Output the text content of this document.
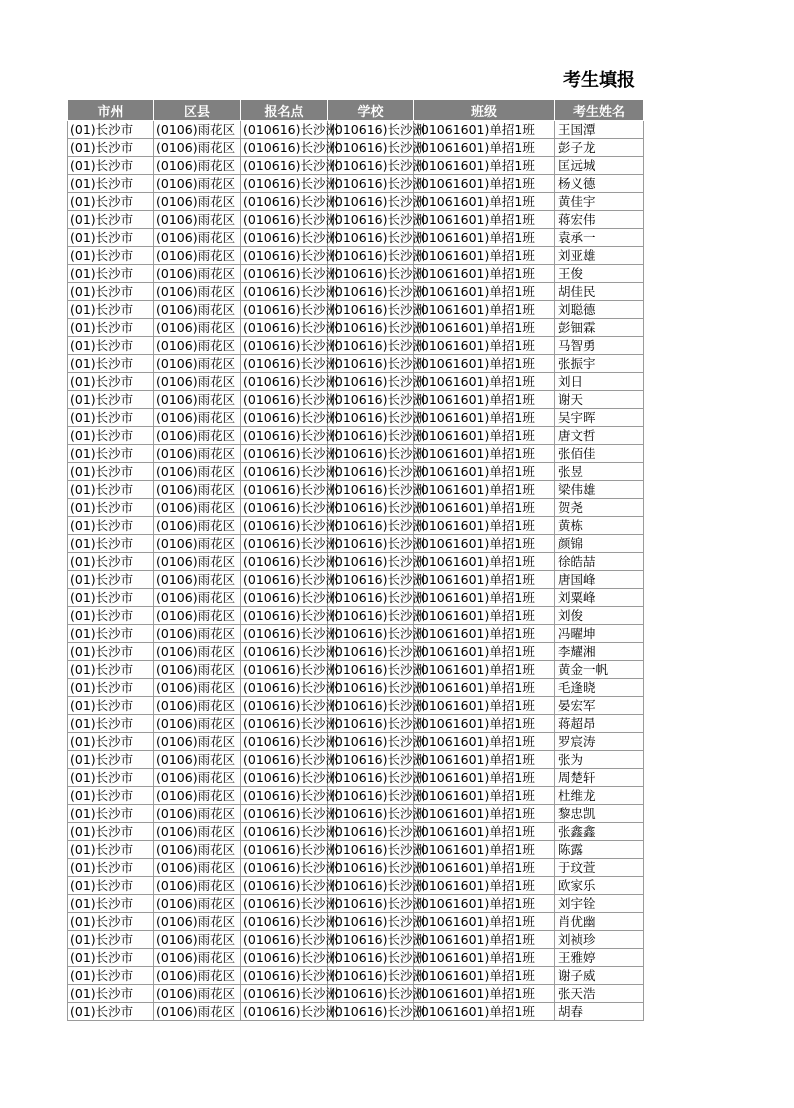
考生填报
市州	区县	报名点	学校	班级	考生姓名
(01)长沙市	(0106)雨花区	(010616)长沙洲	(010616)长沙洲	(01061601)单招1班	王国潭
(01)长沙市	(0106)雨花区	(010616)长沙洲	(010616)长沙洲	(01061601)单招1班	彭子龙
(01)长沙市	(0106)雨花区	(010616)长沙洲	(010616)长沙洲	(01061601)单招1班	匡远城
(01)长沙市	(0106)雨花区	(010616)长沙洲	(010616)长沙洲	(01061601)单招1班	杨义德
(01)长沙市	(0106)雨花区	(010616)长沙洲	(010616)长沙洲	(01061601)单招1班	黄佳宇
(01)长沙市	(0106)雨花区	(010616)长沙洲	(010616)长沙洲	(01061601)单招1班	蒋宏伟
(01)长沙市	(0106)雨花区	(010616)长沙洲	(010616)长沙洲	(01061601)单招1班	袁承一
(01)长沙市	(0106)雨花区	(010616)长沙洲	(010616)长沙洲	(01061601)单招1班	刘亚雄
(01)长沙市	(0106)雨花区	(010616)长沙洲	(010616)长沙洲	(01061601)单招1班	王俊
(01)长沙市	(0106)雨花区	(010616)长沙洲	(010616)长沙洲	(01061601)单招1班	胡佳民
(01)长沙市	(0106)雨花区	(010616)长沙洲	(010616)长沙洲	(01061601)单招1班	刘聪德
(01)长沙市	(0106)雨花区	(010616)长沙洲	(010616)长沙洲	(01061601)单招1班	彭钿霖
(01)长沙市	(0106)雨花区	(010616)长沙洲	(010616)长沙洲	(01061601)单招1班	马智勇
(01)长沙市	(0106)雨花区	(010616)长沙洲	(010616)长沙洲	(01061601)单招1班	张振宇
(01)长沙市	(0106)雨花区	(010616)长沙洲	(010616)长沙洲	(01061601)单招1班	刘日
(01)长沙市	(0106)雨花区	(010616)长沙洲	(010616)长沙洲	(01061601)单招1班	谢天
(01)长沙市	(0106)雨花区	(010616)长沙洲	(010616)长沙洲	(01061601)单招1班	吴宇晖
(01)长沙市	(0106)雨花区	(010616)长沙洲	(010616)长沙洲	(01061601)单招1班	唐文哲
(01)长沙市	(0106)雨花区	(010616)长沙洲	(010616)长沙洲	(01061601)单招1班	张佰佳
(01)长沙市	(0106)雨花区	(010616)长沙洲	(010616)长沙洲	(01061601)单招1班	张昱
(01)长沙市	(0106)雨花区	(010616)长沙洲	(010616)长沙洲	(01061601)单招1班	梁伟雄
(01)长沙市	(0106)雨花区	(010616)长沙洲	(010616)长沙洲	(01061601)单招1班	贺尧
(01)长沙市	(0106)雨花区	(010616)长沙洲	(010616)长沙洲	(01061601)单招1班	黄栋
(01)长沙市	(0106)雨花区	(010616)长沙洲	(010616)长沙洲	(01061601)单招1班	颜锦
(01)长沙市	(0106)雨花区	(010616)长沙洲	(010616)长沙洲	(01061601)单招1班	徐皓喆
(01)长沙市	(0106)雨花区	(010616)长沙洲	(010616)长沙洲	(01061601)单招1班	唐国峰
(01)长沙市	(0106)雨花区	(010616)长沙洲	(010616)长沙洲	(01061601)单招1班	刘粟峰
(01)长沙市	(0106)雨花区	(010616)长沙洲	(010616)长沙洲	(01061601)单招1班	刘俊
(01)长沙市	(0106)雨花区	(010616)长沙洲	(010616)长沙洲	(01061601)单招1班	冯曜坤
(01)长沙市	(0106)雨花区	(010616)长沙洲	(010616)长沙洲	(01061601)单招1班	李耀湘
(01)长沙市	(0106)雨花区	(010616)长沙洲	(010616)长沙洲	(01061601)单招1班	黄金一帆
(01)长沙市	(0106)雨花区	(010616)长沙洲	(010616)长沙洲	(01061601)单招1班	毛逢晓
(01)长沙市	(0106)雨花区	(010616)长沙洲	(010616)长沙洲	(01061601)单招1班	晏宏军
(01)长沙市	(0106)雨花区	(010616)长沙洲	(010616)长沙洲	(01061601)单招1班	蒋超昂
(01)长沙市	(0106)雨花区	(010616)长沙洲	(010616)长沙洲	(01061601)单招1班	罗宸涛
(01)长沙市	(0106)雨花区	(010616)长沙洲	(010616)长沙洲	(01061601)单招1班	张为
(01)长沙市	(0106)雨花区	(010616)长沙洲	(010616)长沙洲	(01061601)单招1班	周楚轩
(01)长沙市	(0106)雨花区	(010616)长沙洲	(010616)长沙洲	(01061601)单招1班	杜维龙
(01)长沙市	(0106)雨花区	(010616)长沙洲	(010616)长沙洲	(01061601)单招1班	黎忠凯
(01)长沙市	(0106)雨花区	(010616)长沙洲	(010616)长沙洲	(01061601)单招1班	张鑫鑫
(01)长沙市	(0106)雨花区	(010616)长沙洲	(010616)长沙洲	(01061601)单招1班	陈露
(01)长沙市	(0106)雨花区	(010616)长沙洲	(010616)长沙洲	(01061601)单招1班	于玟萱
(01)长沙市	(0106)雨花区	(010616)长沙洲	(010616)长沙洲	(01061601)单招1班	欧家乐
(01)长沙市	(0106)雨花区	(010616)长沙洲	(010616)长沙洲	(01061601)单招1班	刘宇铨
(01)长沙市	(0106)雨花区	(010616)长沙洲	(010616)长沙洲	(01061601)单招1班	肖优幽
(01)长沙市	(0106)雨花区	(010616)长沙洲	(010616)长沙洲	(01061601)单招1班	刘祯珍
(01)长沙市	(0106)雨花区	(010616)长沙洲	(010616)长沙洲	(01061601)单招1班	王雅婷
(01)长沙市	(0106)雨花区	(010616)长沙洲	(010616)长沙洲	(01061601)单招1班	谢子威
(01)长沙市	(0106)雨花区	(010616)长沙洲	(010616)长沙洲	(01061601)单招1班	张天浩
(01)长沙市	(0106)雨花区	(010616)长沙洲	(010616)长沙洲	(01061601)单招1班	胡春
